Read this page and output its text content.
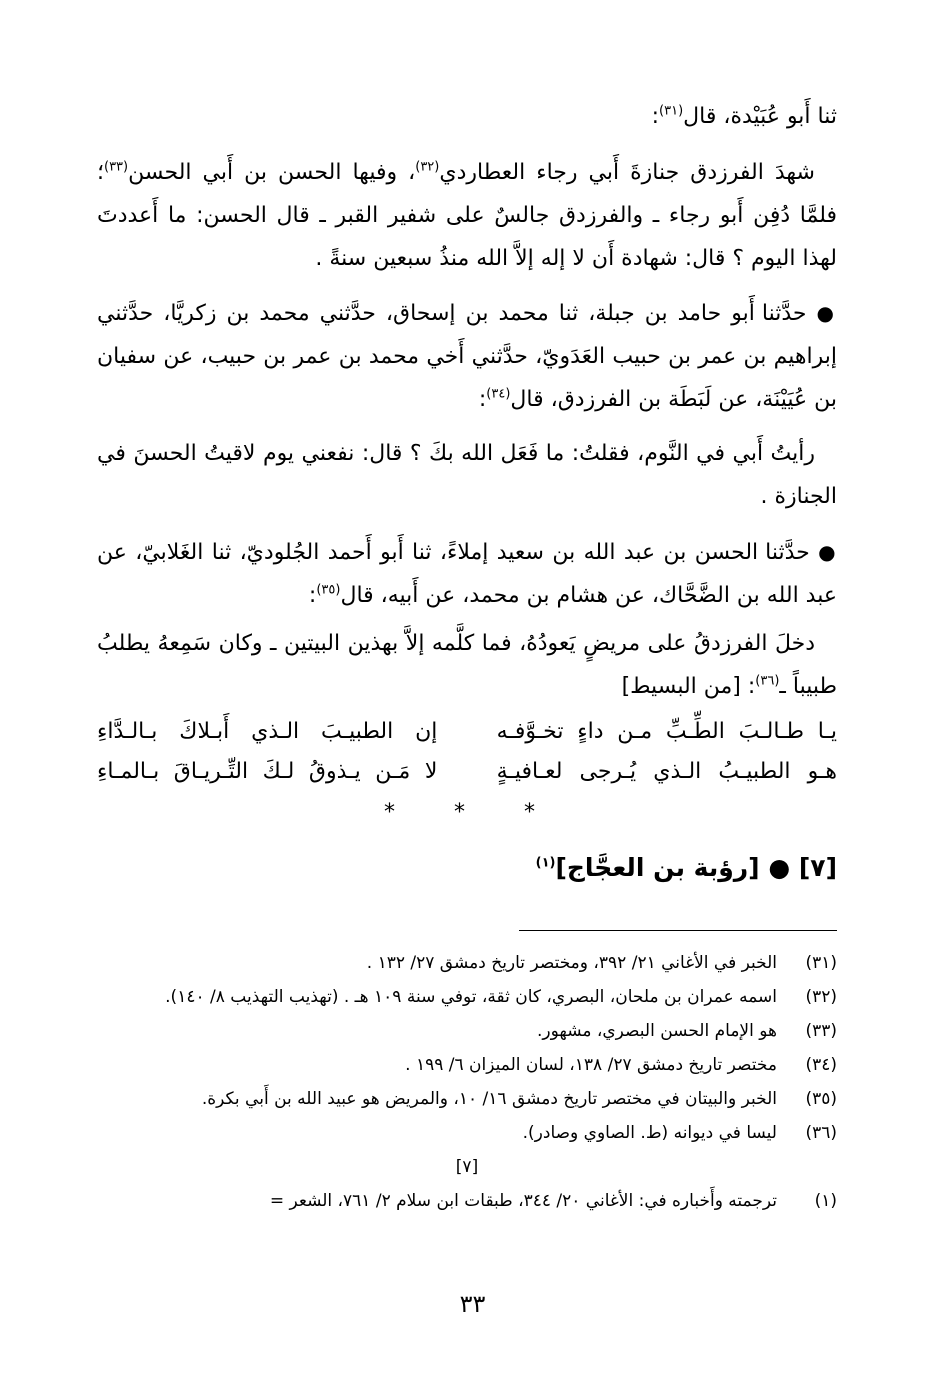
ثنا أَبو عُبَيْدة، قال$^{(٣١)}$:

شهدَ الفرزدق جنازةَ أَبي رجاء العطاردي$^{(٣٢)}$، وفيها الحسن بن أَبي الحسن$^{(٣٣)}$؛ فلمَّا دُفِن أَبو رجاء ـ والفرزدق جالسٌ على شفير القبر ـ قال الحسن: ما أَعددتَ لهذا اليوم ؟ قال: شهادة أَن لا إله إلاَّ الله منذُ سبعين سنةً .

● حدَّثنا أَبو حامد بن جبلة، ثنا محمد بن إسحاق، حدَّثني محمد بن زكريَّا، حدَّثني إبراهيم بن عمر بن حبيب العَدَويّ، حدَّثني أَخي محمد بن عمر بن حبيب، عن سفيان بن عُيَيْنَة، عن لَبَطَة بن الفرزدق، قال$^{(٣٤)}$:

رأيتُ أَبي في النَّوم، فقلتُ: ما فَعَل الله بكَ ؟ قال: نفعني يوم لاقيتُ الحسنَ في الجنازة .

● حدَّثنا الحسن بن عبد الله بن سعيد إملاءً، ثنا أَبو أَحمد الجُلوديّ، ثنا الغَلابيّ، عن عبد الله بن الضَّحَّاك، عن هشام بن محمد، عن أَبيه، قال$^{(٣٥)}$:

دخلَ الفرزدقُ على مريضٍ يَعودُهُ، فما كلَّمه إلاَّ بهذين البيتين ـ وكان سَمِعهُ يطلبُ طبيباً ـ$^{(٣٦)}$: [من البسيط]

يـا طـالـبَ الطِّـبِّ مـن داءٍ تخـوَّفـه
إن الطبيـبَ الـذي أَبـلاكَ بـالـدَّاءِ
هـو الطبيـبُ الـذي يُـرجى لعـافيـةٍ
لا مَـن يـذوقُ لـكَ التِّـريـاقَ بـالمـاءِ
* * *
[٧] ● [رؤبة بن العجَّاج]$^{(١)}$
(٣١)
الخبر في الأغاني ٢١/ ٣٩٢، ومختصر تاريخ دمشق ٢٧/ ١٣٢ .
(٣٢)
اسمه عمران بن ملحان، البصري، كان ثقة، توفي سنة ١٠٩ هـ . (تهذيب التهذيب ٨/ ١٤٠).
(٣٣)
هو الإمام الحسن البصري، مشهور.
(٣٤)
مختصر تاريخ دمشق ٢٧/ ١٣٨، لسان الميزان ٦/ ١٩٩ .
(٣٥)
الخبر والبيتان في مختصر تاريخ دمشق ١٦/ ١٠، والمريض هو عبيد الله بن أَبي بكرة.
(٣٦)
ليسا في ديوانه (ط. الصاوي وصادر).
[٧]
(١)
ترجمته وأَخباره في: الأغاني ٢٠/ ٣٤٤، طبقات ابن سلام ٢/ ٧٦١، الشعر =
٣٣
